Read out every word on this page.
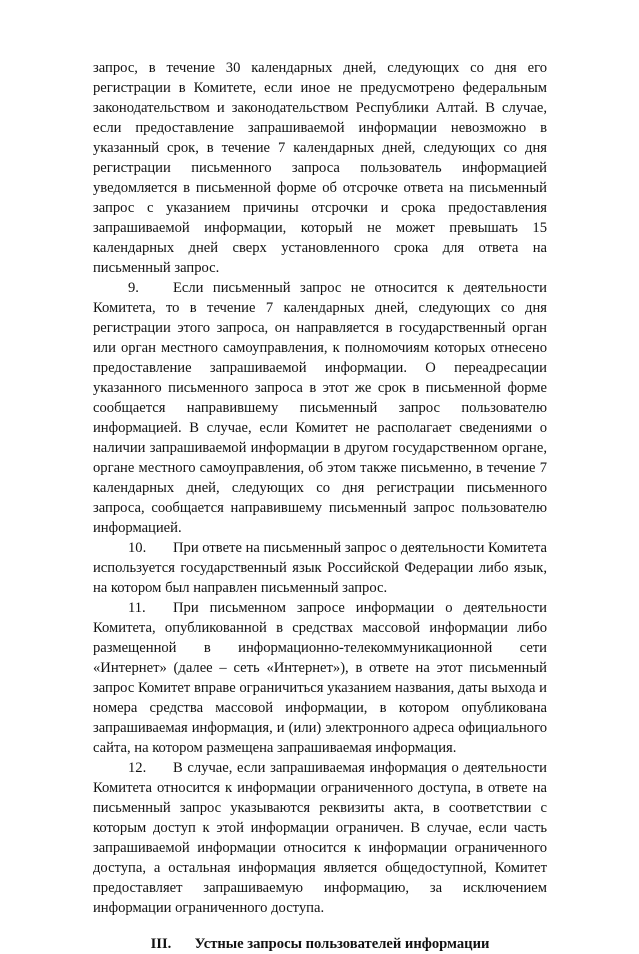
запрос, в течение 30 календарных дней, следующих со дня его регистрации в Комитете, если иное не предусмотрено федеральным законодательством и законодательством Республики Алтай. В случае, если предоставление запрашиваемой информации невозможно в указанный срок, в течение 7 календарных дней, следующих со дня регистрации письменного запроса пользователь информацией уведомляется в письменной форме об отсрочке ответа на письменный запрос с указанием причины отсрочки и срока предоставления запрашиваемой информации, который не может превышать 15 календарных дней сверх установленного срока для ответа на письменный запрос.

9. Если письменный запрос не относится к деятельности Комитета, то в течение 7 календарных дней, следующих со дня регистрации этого запроса, он направляется в государственный орган или орган местного самоуправления, к полномочиям которых отнесено предоставление запрашиваемой информации. О переадресации указанного письменного запроса в этот же срок в письменной форме сообщается направившему письменный запрос пользователю информацией. В случае, если Комитет не располагает сведениями о наличии запрашиваемой информации в другом государственном органе, органе местного самоуправления, об этом также письменно, в течение 7 календарных дней, следующих со дня регистрации письменного запроса, сообщается направившему письменный запрос пользователю информацией.

10. При ответе на письменный запрос о деятельности Комитета используется государственный язык Российской Федерации либо язык, на котором был направлен письменный запрос.

11. При письменном запросе информации о деятельности Комитета, опубликованной в средствах массовой информации либо размещенной в информационно-телекоммуникационной сети «Интернет» (далее – сеть «Интернет»), в ответе на этот письменный запрос Комитет вправе ограничиться указанием названия, даты выхода и номера средства массовой информации, в котором опубликована запрашиваемая информация, и (или) электронного адреса официального сайта, на котором размещена запрашиваемая информация.

12. В случае, если запрашиваемая информация о деятельности Комитета относится к информации ограниченного доступа, в ответе на письменный запрос указываются реквизиты акта, в соответствии с которым доступ к этой информации ограничен. В случае, если часть запрашиваемой информации относится к информации ограниченного доступа, а остальная информация является общедоступной, Комитет предоставляет запрашиваемую информацию, за исключением информации ограниченного доступа.

III. Устные запросы пользователей информации
